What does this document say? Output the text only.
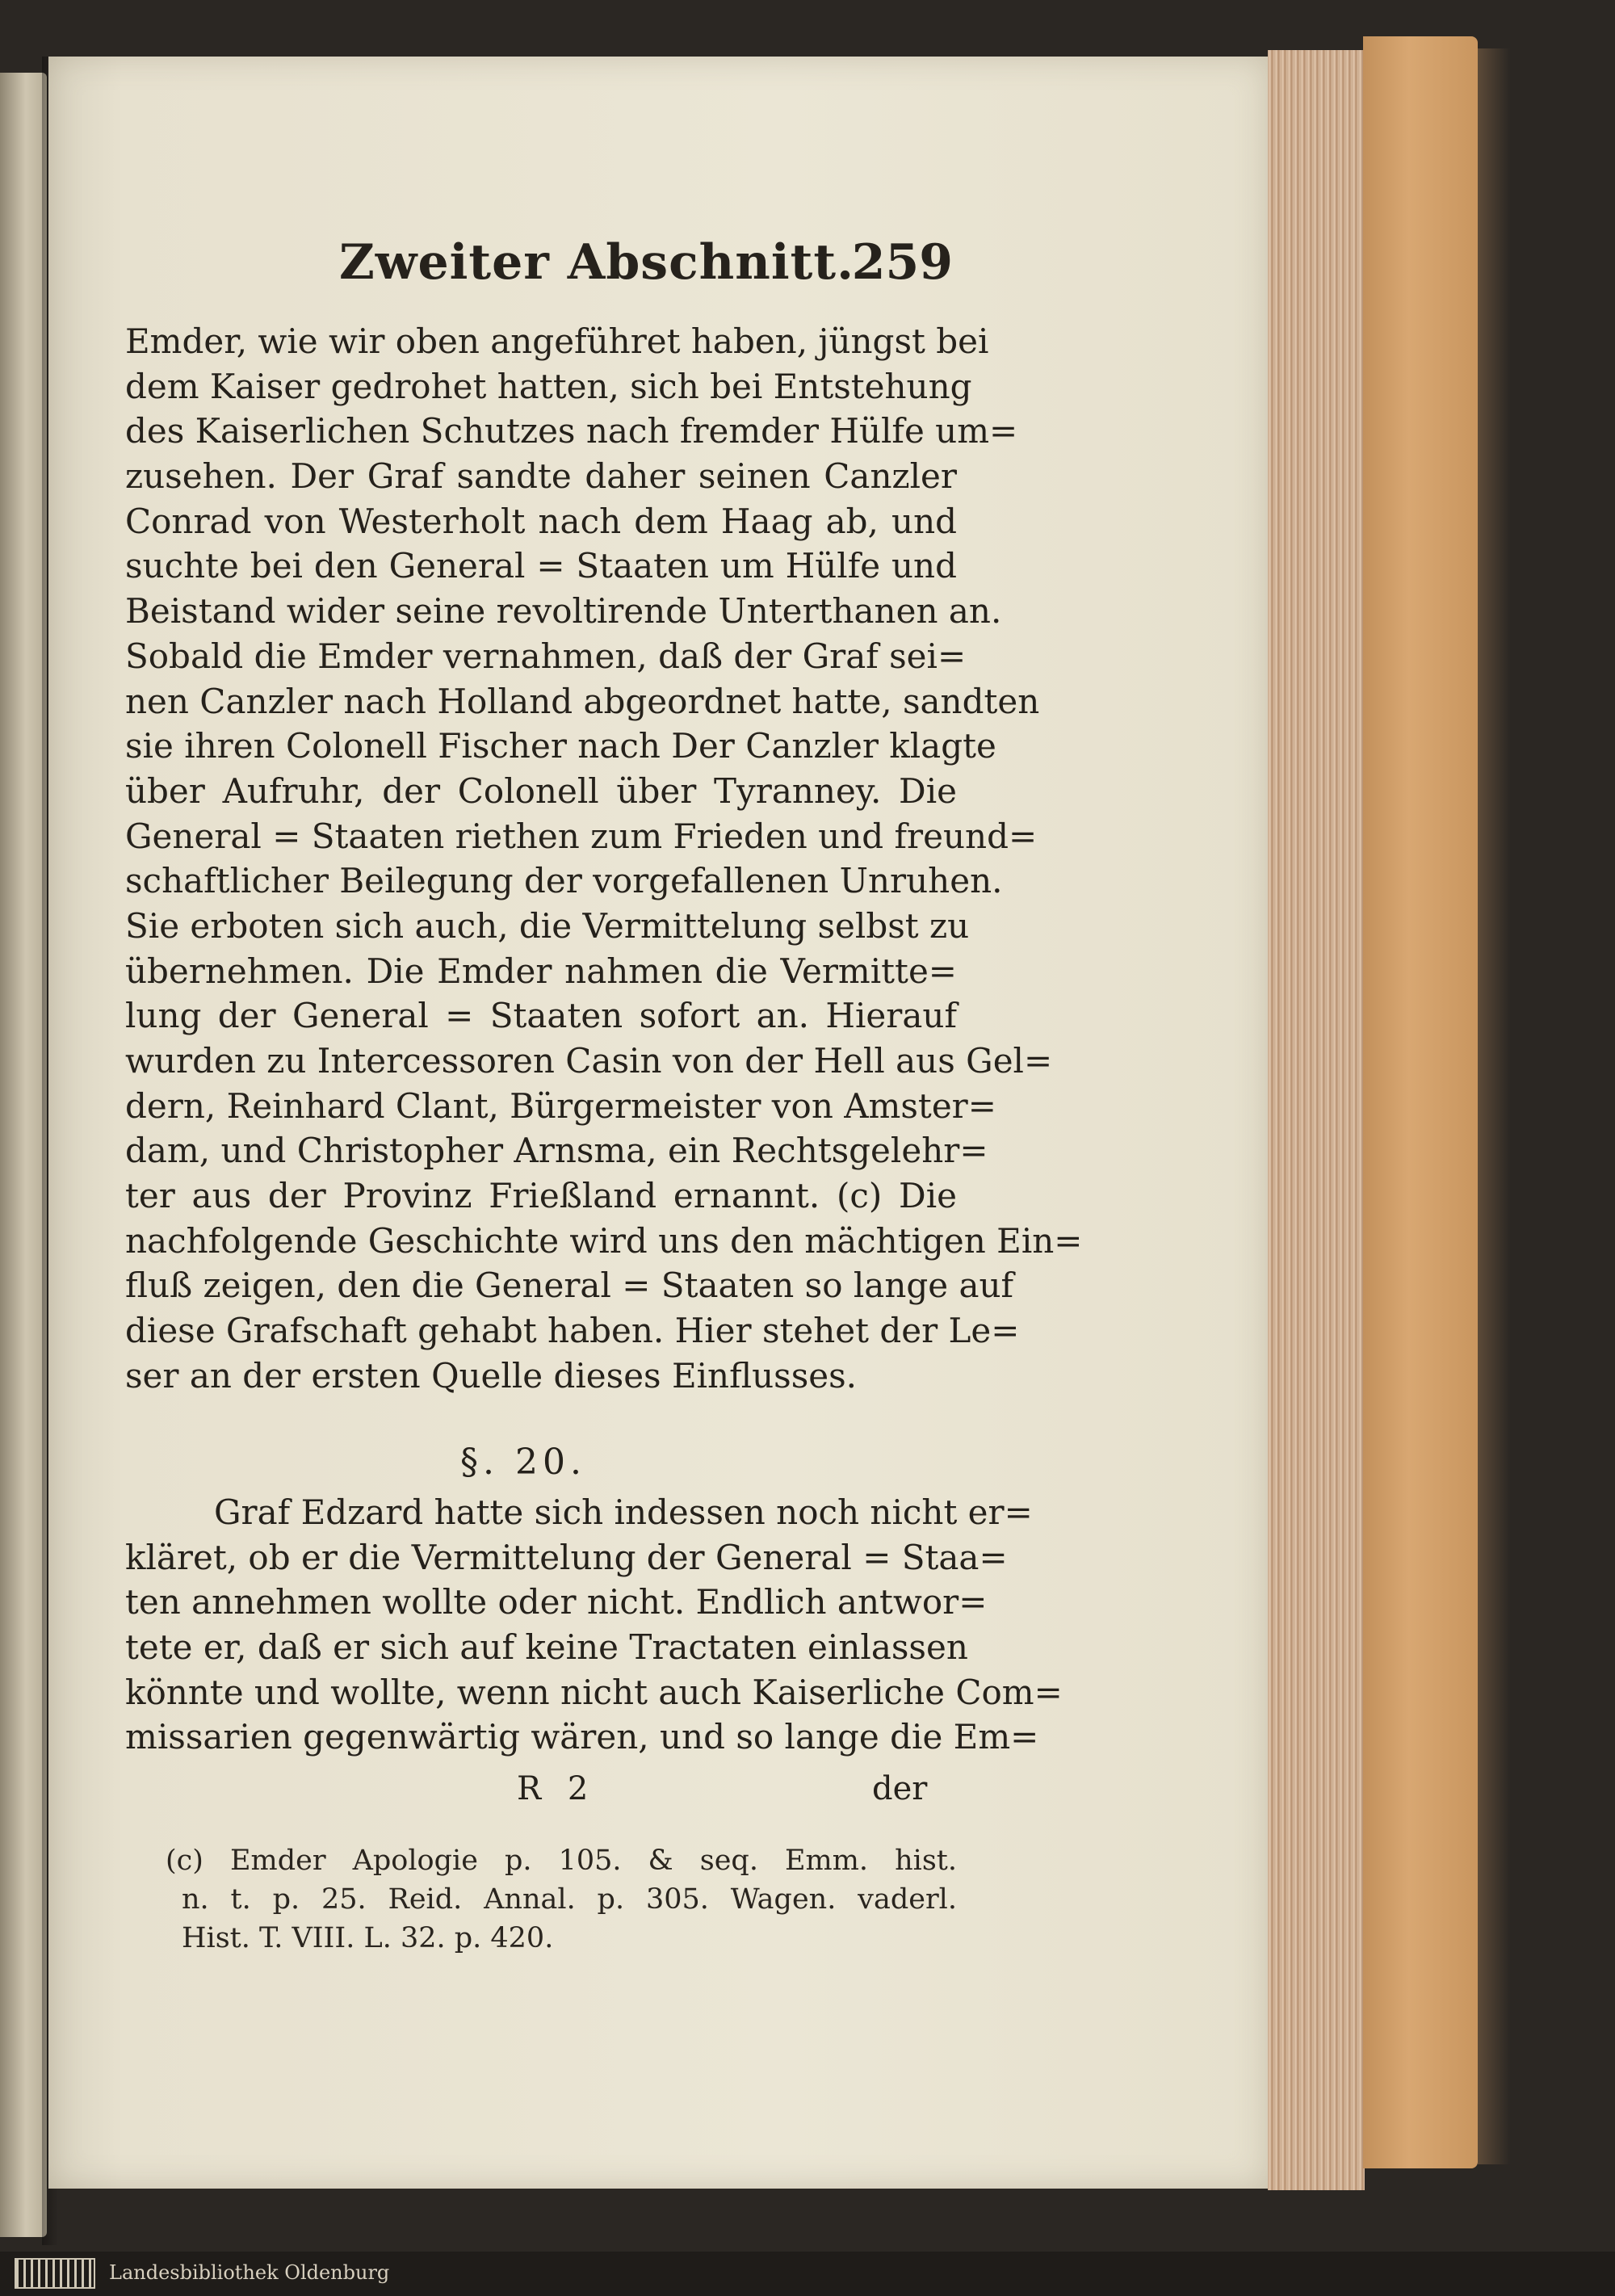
Zweiter Abschnitt.
259
Emder, wie wir oben angeführet haben, jüngst bei
dem Kaiser gedrohet hatten, sich bei Entstehung
des Kaiserlichen Schutzes nach fremder Hülfe um=
zusehen. Der Graf sandte daher seinen Canzler
Conrad von Westerholt nach dem Haag ab, und
suchte bei den General = Staaten um Hülfe und
Beistand wider seine revoltirende Unterthanen an.
Sobald die Emder vernahmen, daß der Graf sei=
nen Canzler nach Holland abgeordnet hatte, sandten
sie ihren Colonell Fischer nach Der Canzler klagte
über Aufruhr, der Colonell über Tyranney. Die
General = Staaten riethen zum Frieden und freund=
schaftlicher Beilegung der vorgefallenen Unruhen.
Sie erboten sich auch, die Vermittelung selbst zu
übernehmen. Die Emder nahmen die Vermitte=
lung der General = Staaten sofort an. Hierauf
wurden zu Intercessoren Casin von der Hell aus Gel=
dern, Reinhard Clant, Bürgermeister von Amster=
dam, und Christopher Arnsma, ein Rechtsgelehr=
ter aus der Provinz Frießland ernannt. (c) Die
nachfolgende Geschichte wird uns den mächtigen Ein=
fluß zeigen, den die General = Staaten so lange auf
diese Grafschaft gehabt haben. Hier stehet der Le=
ser an der ersten Quelle dieses Einflusses.
§. 20.
Graf Edzard hatte sich indessen noch nicht er=
kläret, ob er die Vermittelung der General = Staa=
ten annehmen wollte oder nicht. Endlich antwor=
tete er, daß er sich auf keine Tractaten einlassen
könnte und wollte, wenn nicht auch Kaiserliche Com=
missarien gegenwärtig wären, und so lange die Em=
R 2	der
(c) Emder Apologie p. 105. & seq. Emm. hist.
n. t. p. 25. Reid. Annal. p. 305. Wagen. vaderl.
Hist. T. VIII. L. 32. p. 420.
Landesbibliothek Oldenburg
